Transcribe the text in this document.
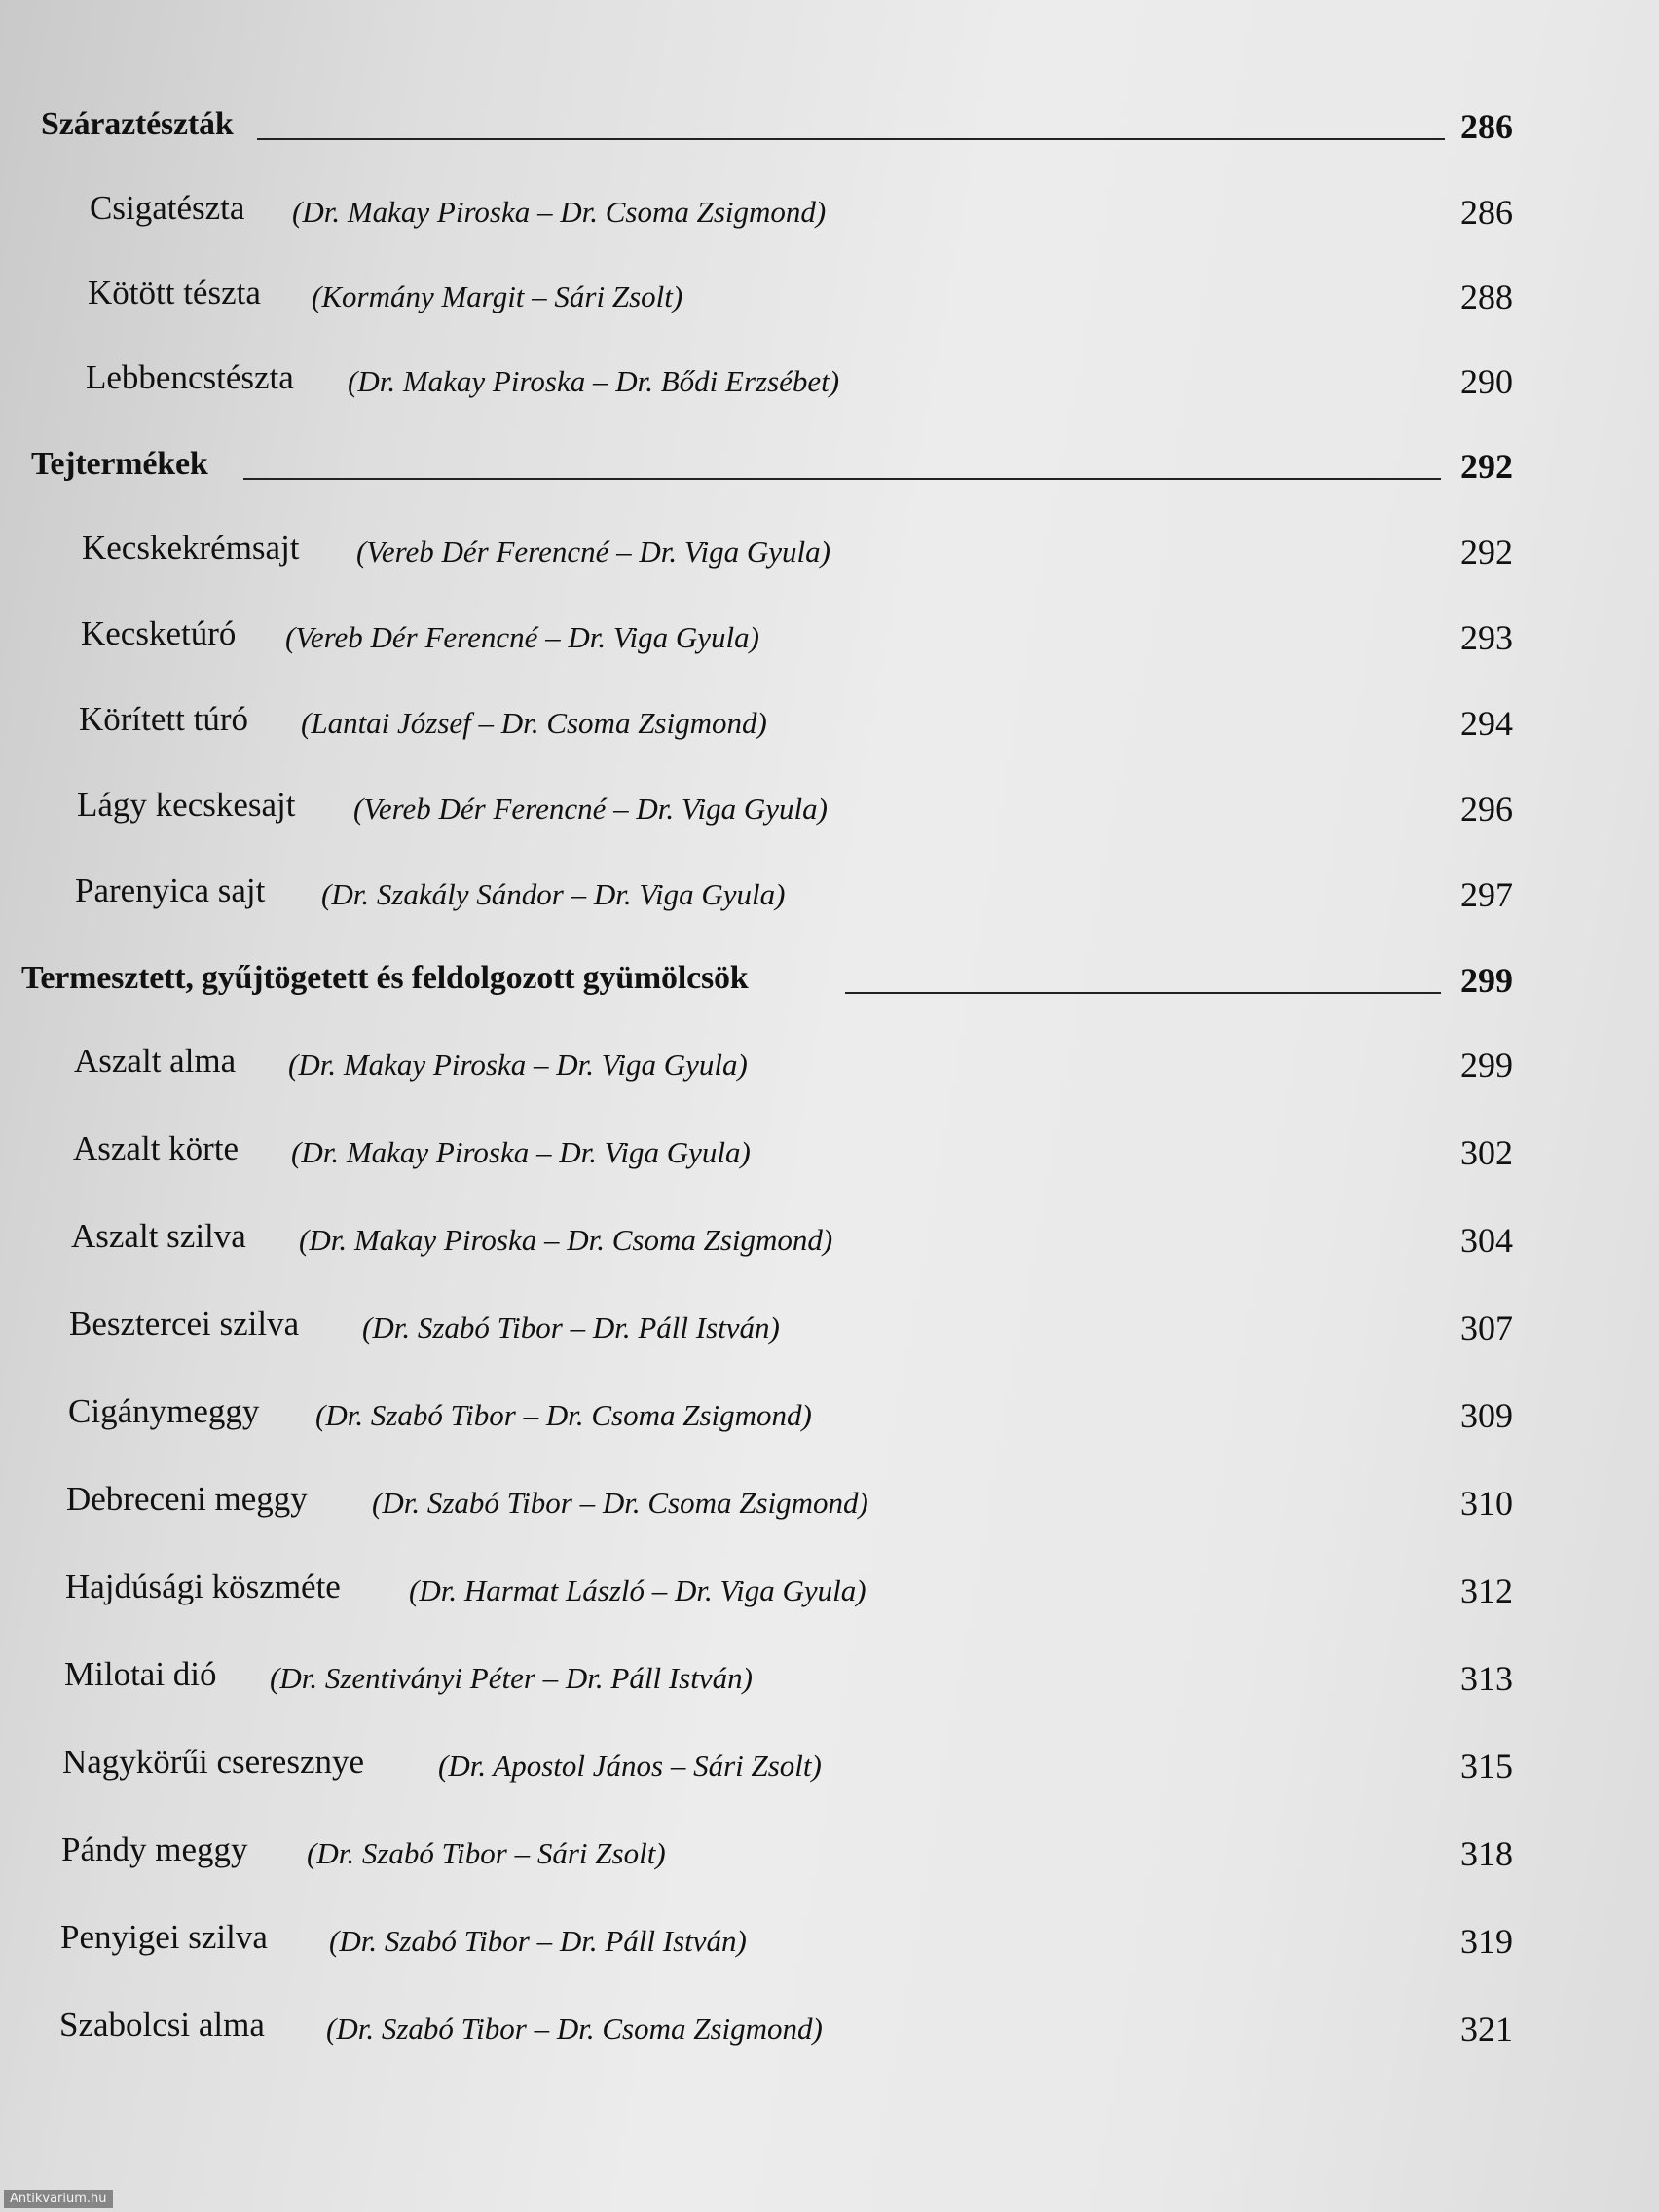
Száraztészták	286
Csigatészta (Dr. Makay Piroska – Dr. Csoma Zsigmond)	286
Kötött tészta (Kormány Margit – Sári Zsolt)	288
Lebbencstészta (Dr. Makay Piroska – Dr. Bődi Erzsébet)	290
Tejtermékek	292
Kecskekrémsajt (Vereb Dér Ferencné – Dr. Viga Gyula)	292
Kecsketúró (Vereb Dér Ferencné – Dr. Viga Gyula)	293
Körített túró (Lantai József – Dr. Csoma Zsigmond)	294
Lágy kecskesajt (Vereb Dér Ferencné – Dr. Viga Gyula)	296
Parenyica sajt (Dr. Szakály Sándor – Dr. Viga Gyula)	297
Termesztett, gyűjtögetett és feldolgozott gyümölcsök	299
Aszalt alma (Dr. Makay Piroska – Dr. Viga Gyula)	299
Aszalt körte (Dr. Makay Piroska – Dr. Viga Gyula)	302
Aszalt szilva (Dr. Makay Piroska – Dr. Csoma Zsigmond)	304
Besztercei szilva (Dr. Szabó Tibor – Dr. Páll István)	307
Cigánymeggy (Dr. Szabó Tibor – Dr. Csoma Zsigmond)	309
Debreceni meggy (Dr. Szabó Tibor – Dr. Csoma Zsigmond)	310
Hajdúsági köszméte (Dr. Harmat László – Dr. Viga Gyula)	312
Milotai dió (Dr. Szentiványi Péter – Dr. Páll István)	313
Nagykörűi cseresznye (Dr. Apostol János – Sári Zsolt)	315
Pándy meggy (Dr. Szabó Tibor – Sári Zsolt)	318
Penyigei szilva (Dr. Szabó Tibor – Dr. Páll István)	319
Szabolcsi alma (Dr. Szabó Tibor – Dr. Csoma Zsigmond)	321
Antikvarium.hu
